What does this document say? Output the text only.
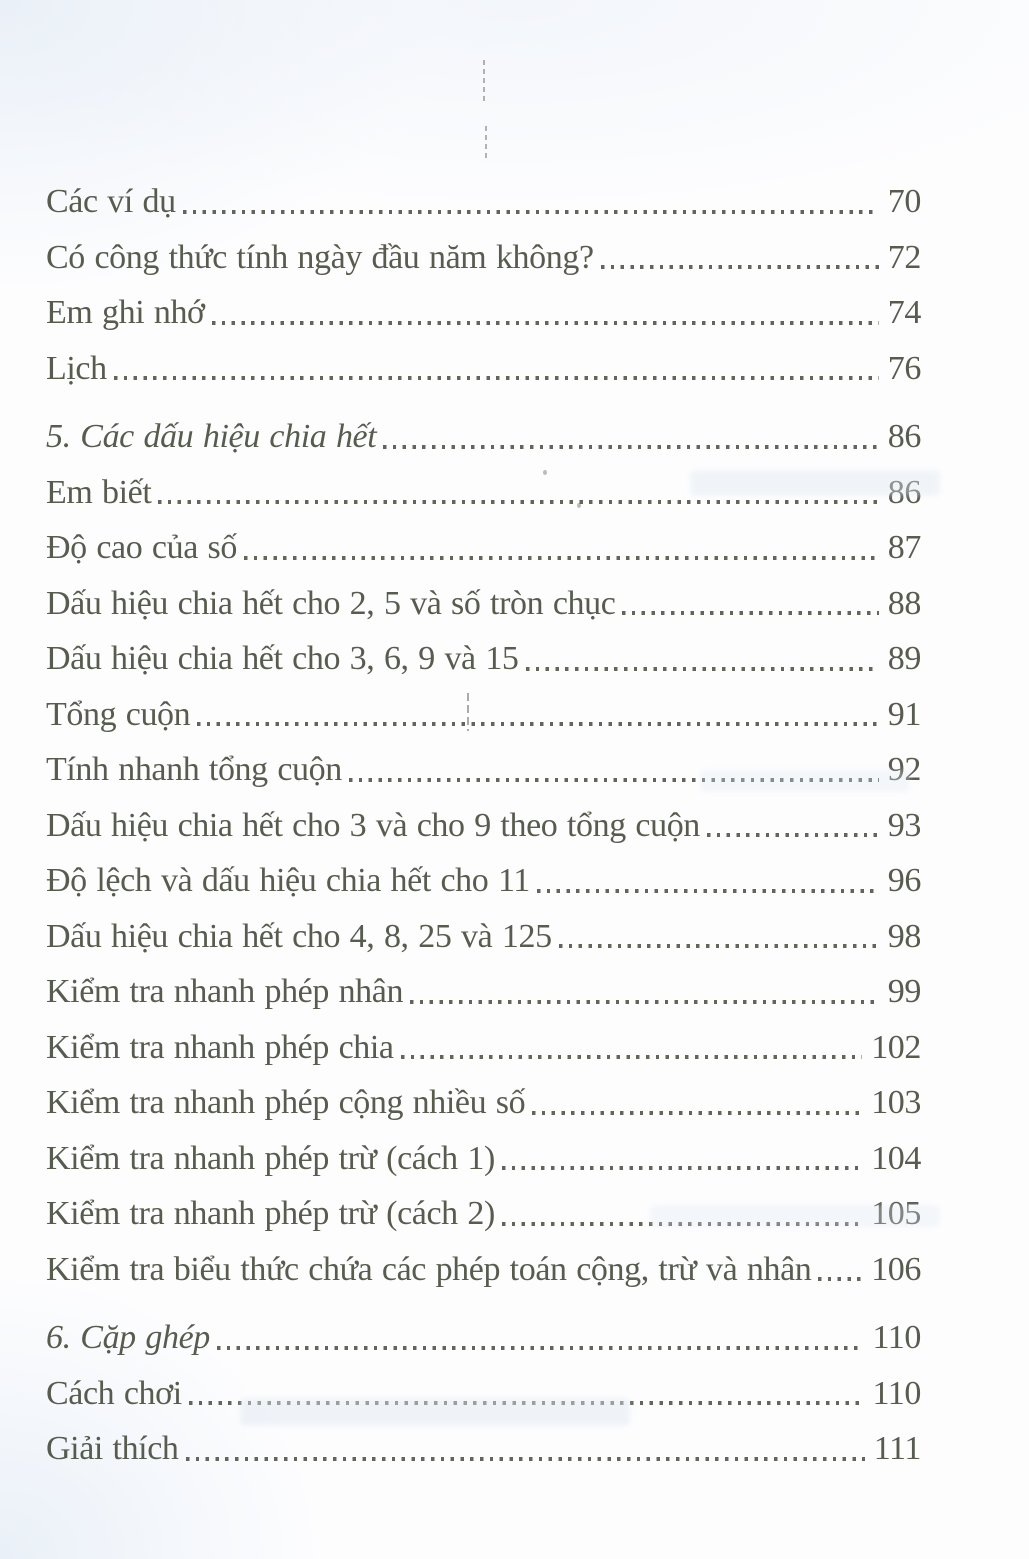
Các ví dụ	70
Có công thức tính ngày đầu năm không?	72
Em ghi nhớ	74
Lịch	76
5. Các dấu hiệu chia hết	86
Em biết	86
Độ cao của số	87
Dấu hiệu chia hết cho 2, 5 và số tròn chục	88
Dấu hiệu chia hết cho 3, 6, 9 và 15	89
Tổng cuộn	91
Tính nhanh tổng cuộn	92
Dấu hiệu chia hết cho 3 và cho 9 theo tổng cuộn	93
Độ lệch và dấu hiệu chia hết cho 11	96
Dấu hiệu chia hết cho 4, 8, 25 và 125	98
Kiểm tra nhanh phép nhân	99
Kiểm tra nhanh phép chia	102
Kiểm tra nhanh phép cộng nhiều số	103
Kiểm tra nhanh phép trừ (cách 1)	104
Kiểm tra nhanh phép trừ (cách 2)	105
Kiểm tra biểu thức chứa các phép toán cộng, trừ và nhân 106
6. Cặp ghép	110
Cách chơi	110
Giải thích	111
